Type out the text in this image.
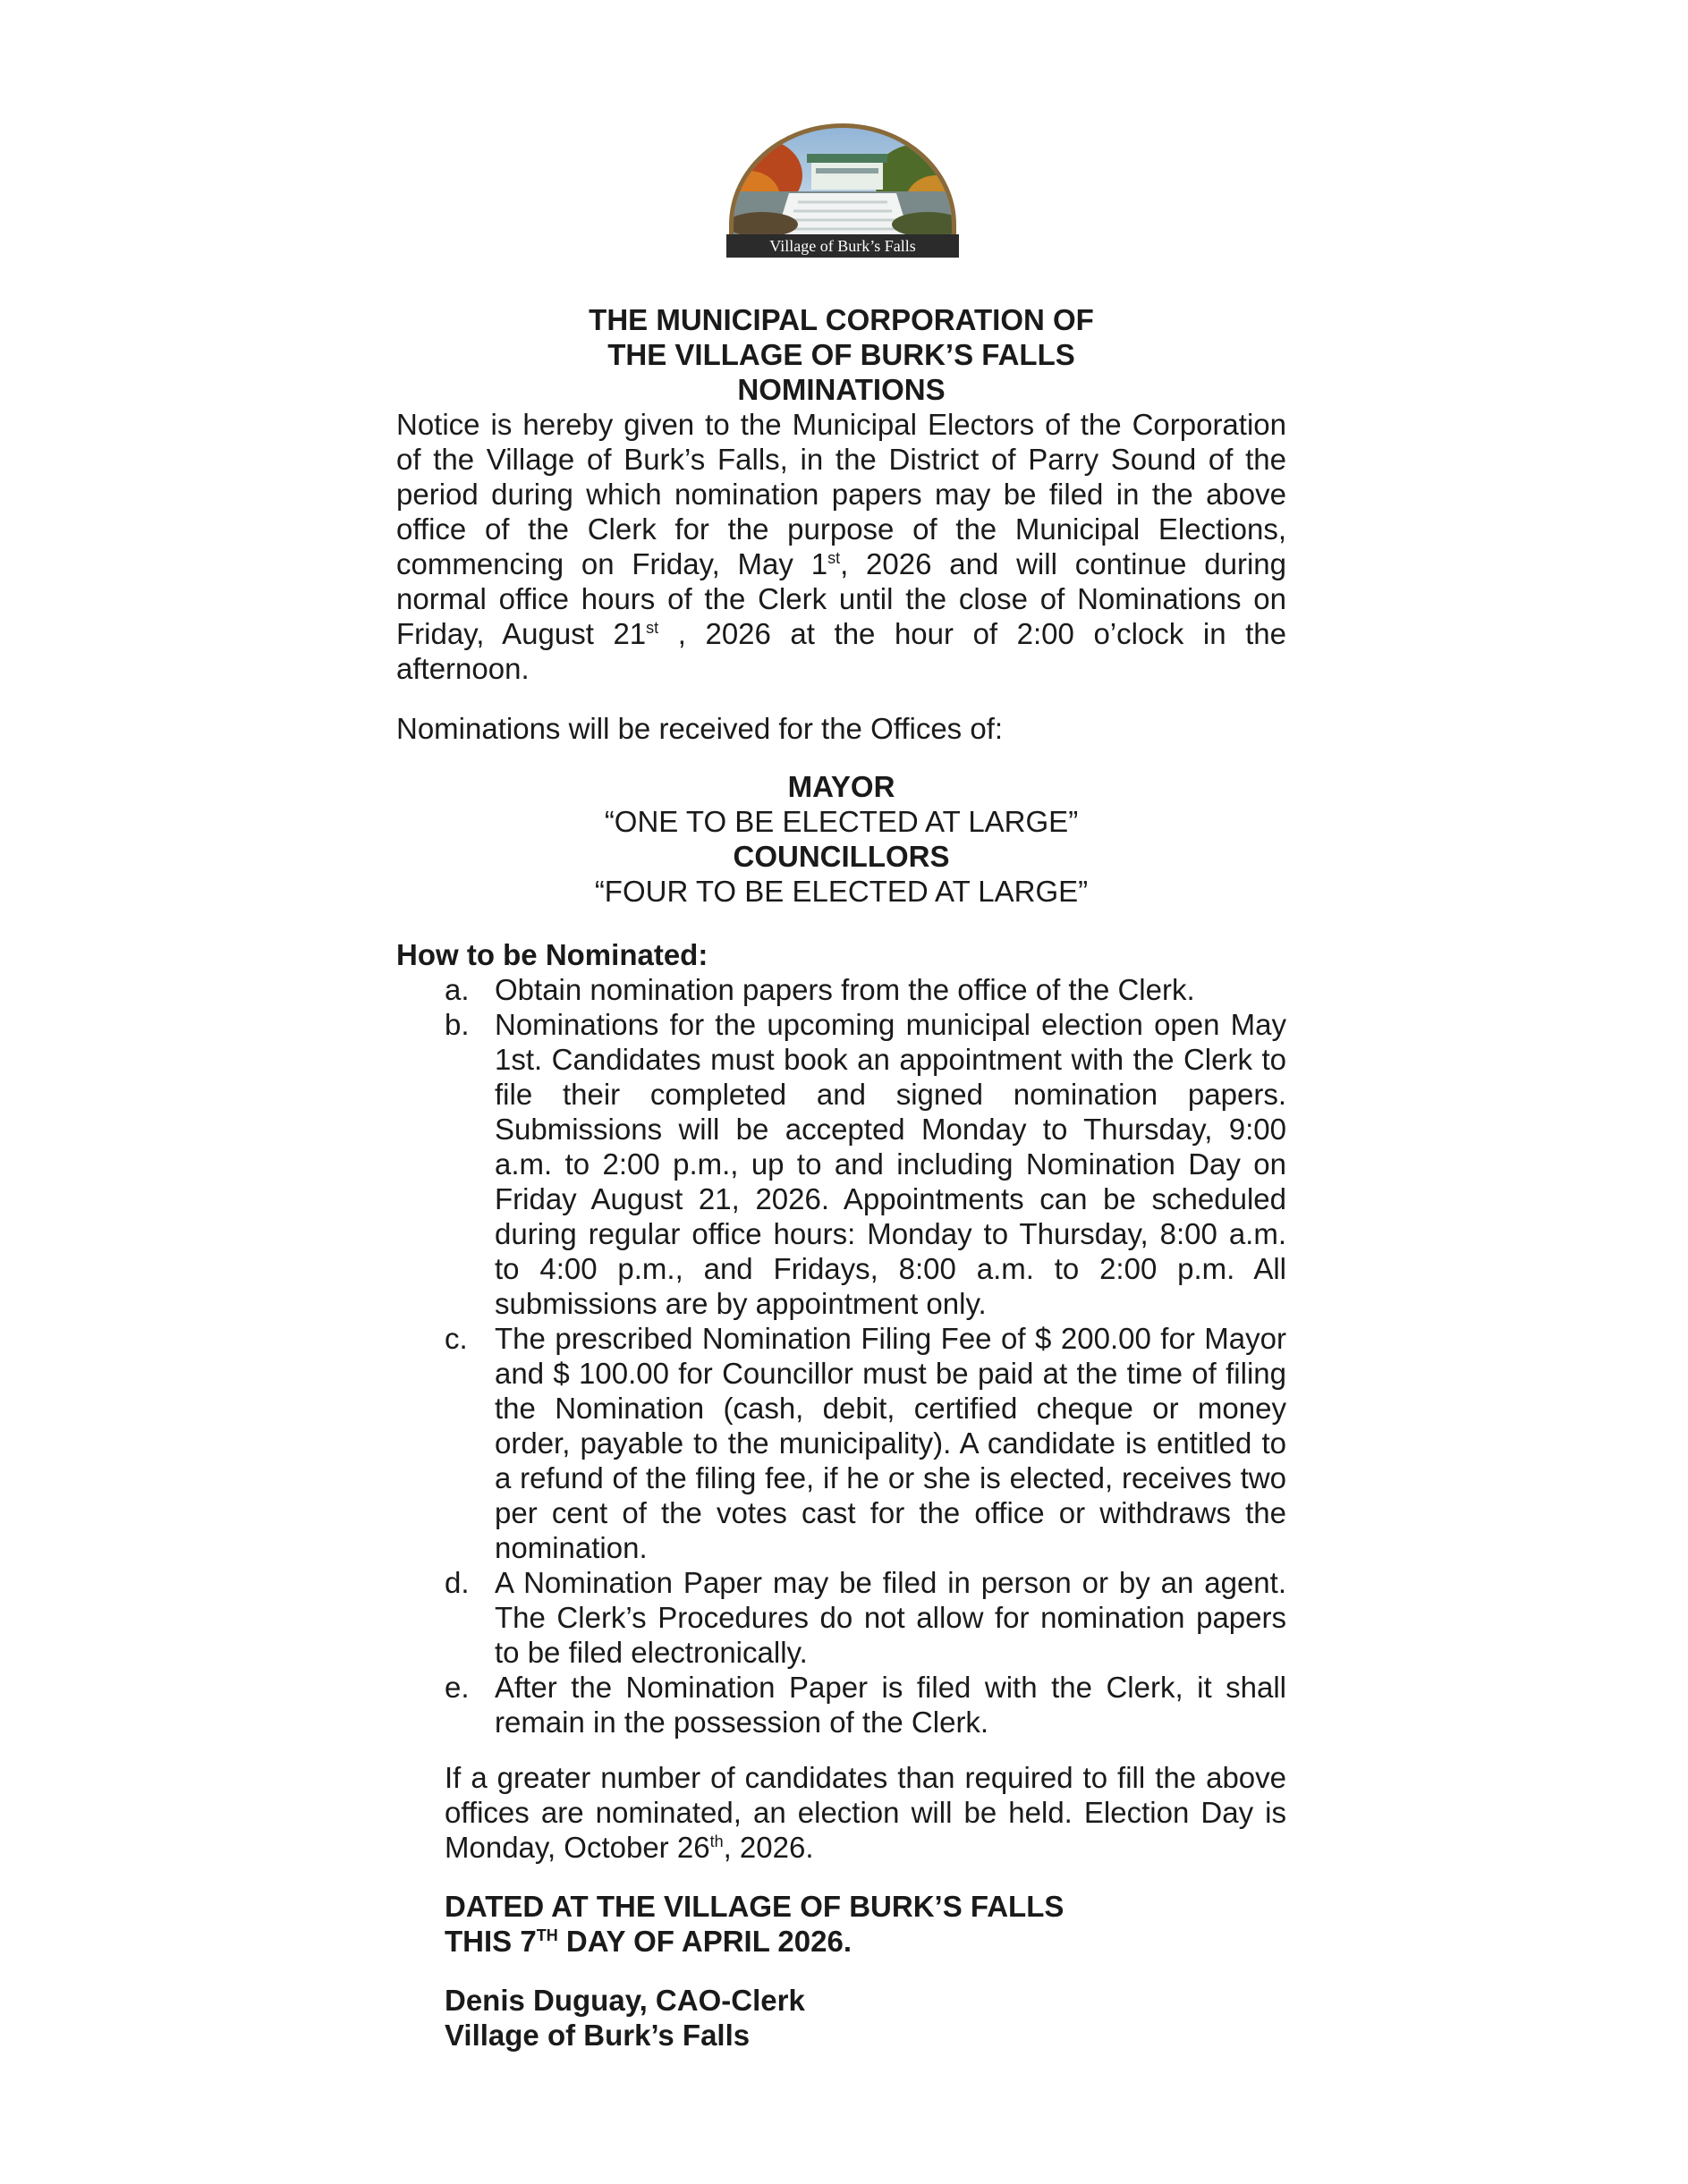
Village of Burk’s Falls
THE MUNICIPAL CORPORATION OF
THE VILLAGE OF BURK’S FALLS
NOMINATIONS
Notice is hereby given to the Municipal Electors of the Corporation of the Village of Burk’s Falls, in the District of Parry Sound of the period during which nomination papers may be filed in the above office of the Clerk for the purpose of the Municipal Elections, commencing on Friday, May 1st, 2026 and will continue during normal office hours of the Clerk until the close of Nominations on Friday, August 21st , 2026 at the hour of 2:00 o’clock in the afternoon.
Nominations will be received for the Offices of:
MAYOR
“ONE TO BE ELECTED AT LARGE”
COUNCILLORS
“FOUR TO BE ELECTED AT LARGE”
How to be Nominated:
a. Obtain nomination papers from the office of the Clerk.
b. Nominations for the upcoming municipal election open May 1st. Candidates must book an appointment with the Clerk to file their completed and signed nomination papers. Submissions will be accepted Monday to Thursday, 9:00 a.m. to 2:00 p.m., up to and including Nomination Day on Friday August 21, 2026. Appointments can be scheduled during regular office hours: Monday to Thursday, 8:00 a.m. to 4:00 p.m., and Fridays, 8:00 a.m. to 2:00 p.m. All submissions are by appointment only.
c. The prescribed Nomination Filing Fee of $ 200.00 for Mayor and $ 100.00 for Councillor must be paid at the time of filing the Nomination (cash, debit, certified cheque or money order, payable to the municipality). A candidate is entitled to a refund of the filing fee, if he or she is elected, receives two per cent of the votes cast for the office or withdraws the nomination.
d. A Nomination Paper may be filed in person or by an agent. The Clerk’s Procedures do not allow for nomination papers to be filed electronically.
e. After the Nomination Paper is filed with the Clerk, it shall remain in the possession of the Clerk.
If a greater number of candidates than required to fill the above offices are nominated, an election will be held. Election Day is Monday, October 26th, 2026.
DATED AT THE VILLAGE OF BURK’S FALLS
THIS 7TH DAY OF APRIL 2026.
Denis Duguay, CAO-Clerk
Village of Burk’s Falls
